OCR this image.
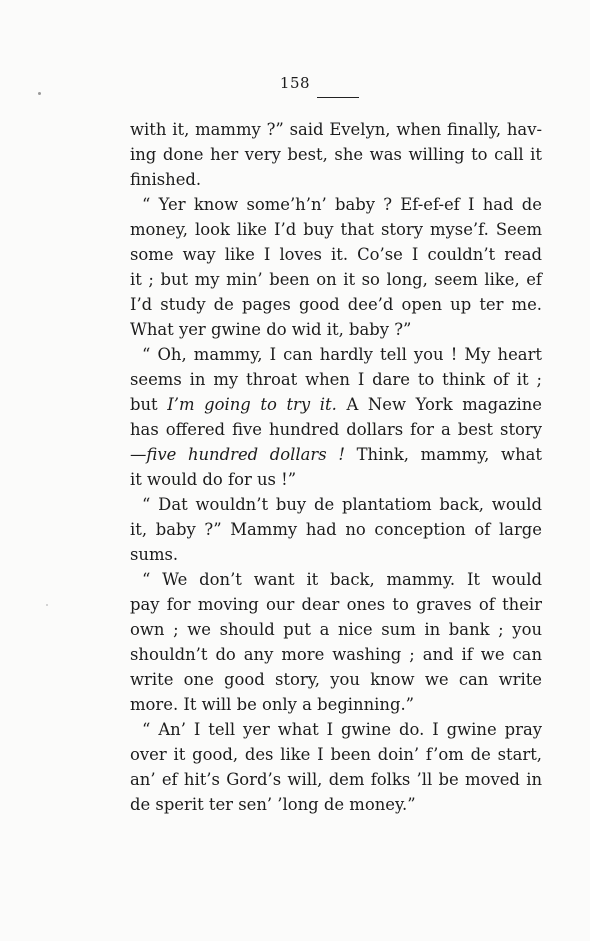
158
with it, mammy ?” said Evelyn, when finally, hav-
ing done her very best, she was willing to call it
finished.
“ Yer know some’h’n’ baby ? Ef-ef-ef I had de
money, look like I’d buy that story myse’f. Seem
some way like I loves it. Co’se I couldn’t read
it ; but my min’ been on it so long, seem like, ef
I’d study de pages good dee’d open up ter me.
What yer gwine do wid it, baby ?”
“ Oh, mammy, I can hardly tell you ! My heart
seems in my throat when I dare to think of it ;
but I’m going to try it. A New York magazine
has offered five hundred dollars for a best story
—five hundred dollars ! Think, mammy, what
it would do for us !”
“ Dat wouldn’t buy de plantatiom back, would
it, baby ?” Mammy had no conception of large
sums.
“ We don’t want it back, mammy. It would
pay for moving our dear ones to graves of their
own ; we should put a nice sum in bank ; you
shouldn’t do any more washing ; and if we can
write one good story, you know we can write
more. It will be only a beginning.”
“ An’ I tell yer what I gwine do. I gwine pray
over it good, des like I been doin’ f’om de start,
an’ ef hit’s Gord’s will, dem folks ’ll be moved in
de sperit ter sen’ ’long de money.”
